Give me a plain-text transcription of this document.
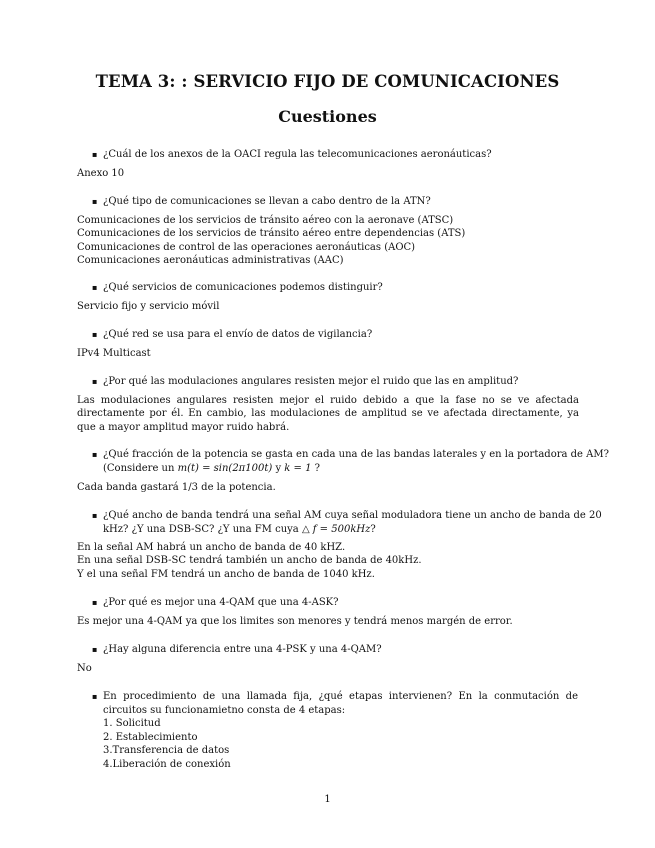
TEMA 3: : SERVICIO FIJO DE COMUNICACIONES
Cuestiones
▪ ¿Cuál de los anexos de la OACI regula las telecomunicaciones aeronáuticas?
Anexo 10
▪ ¿Qué tipo de comunicaciones se llevan a cabo dentro de la ATN?
Comunicaciones de los servicios de tránsito aéreo con la aeronave (ATSC)
Comunicaciones de los servicios de tránsito aéreo entre dependencias (ATS)
Comunicaciones de control de las operaciones aeronáuticas (AOC)
Comunicaciones aeronáuticas administrativas (AAC)
▪ ¿Qué servicios de comunicaciones podemos distinguir?
Servicio fijo y servicio móvil
▪ ¿Qué red se usa para el envío de datos de vigilancia?
IPv4 Multicast
▪ ¿Por qué las modulaciones angulares resisten mejor el ruido que las en amplitud?
Las modulaciones angulares resisten mejor el ruido debido a que la fase no se ve afectada directamente por él. En cambio, las modulaciones de amplitud se ve afectada directamente, ya que a mayor amplitud mayor ruido habrá.
▪ ¿Qué fracción de la potencia se gasta en cada una de las bandas laterales y en la portadora de AM?
(Considere un m(t) = sin(2π100t) y k = 1 ?
Cada banda gastará 1/3 de la potencia.
▪ ¿Qué ancho de banda tendrá una señal AM cuya señal moduladora tiene un ancho de banda de 20
kHz? ¿Y una DSB-SC? ¿Y una FM cuya △ f = 500kHz?
En la señal AM habrá un ancho de banda de 40 kHZ.
En una señal DSB-SC tendrá también un ancho de banda de 40kHz.
Y el una señal FM tendrá un ancho de banda de 1040 kHz.
▪ ¿Por qué es mejor una 4-QAM que una 4-ASK?
Es mejor una 4-QAM ya que los limites son menores y tendrá menos margén de error.
▪ ¿Hay alguna diferencia entre una 4-PSK y una 4-QAM?
No
▪ En procedimiento de una llamada fija, ¿qué etapas intervienen? En la conmutación de circuitos su funcionamietno consta de 4 etapas:
1. Solicitud
2. Establecimiento
3.Transferencia de datos
4.Liberación de conexión
1
